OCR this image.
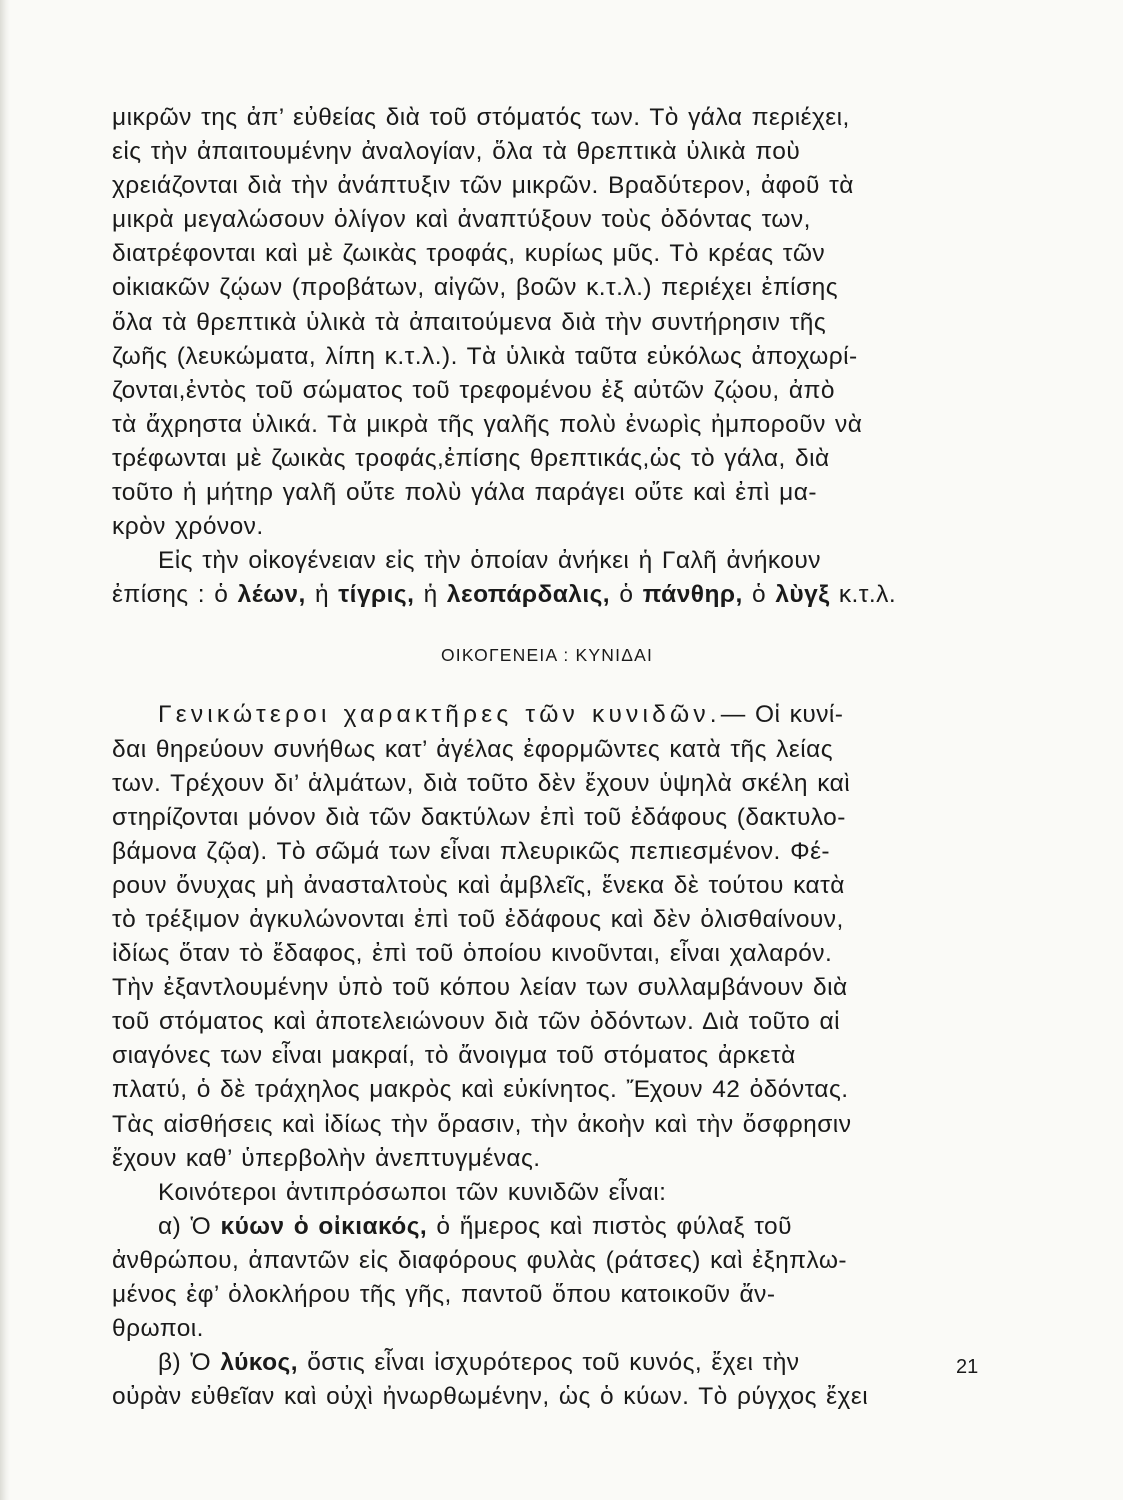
μικρῶν της ἀπ’ εὐθείας διὰ τοῦ στόματός των. Τὸ γάλα περιέχει,
εἰς τὴν ἀπαιτουμένην ἀναλογίαν, ὅλα τὰ θρεπτικὰ ὑλικὰ ποὺ
χρειάζονται διὰ τὴν ἀνάπτυξιν τῶν μικρῶν. Βραδύτερον, ἀφοῦ τὰ
μικρὰ μεγαλώσουν ὀλίγον καὶ ἀναπτύξουν τοὺς ὀδόντας των,
διατρέφονται καὶ μὲ ζωικὰς τροφάς, κυρίως μῦς. Τὸ κρέας τῶν
οἰκιακῶν ζῴων (προβάτων, αἰγῶν, βοῶν κ.τ.λ.) περιέχει ἐπίσης
ὅλα τὰ θρεπτικὰ ὑλικὰ τὰ ἀπαιτούμενα διὰ τὴν συντήρησιν τῆς
ζωῆς (λευκώματα, λίπη κ.τ.λ.). Τὰ ὑλικὰ ταῦτα εὐκόλως ἀποχωρί-
ζονται,ἐντὸς τοῦ σώματος τοῦ τρεφομένου ἐξ αὐτῶν ζῴου, ἀπὸ
τὰ ἄχρηστα ὑλικά. Τὰ μικρὰ τῆς γαλῆς πολὺ ἐνωρὶς ἠμποροῦν νὰ
τρέφωνται μὲ ζωικὰς τροφάς,ἐπίσης θρεπτικάς,ὡς τὸ γάλα, διὰ
τοῦτο ἡ μήτηρ γαλῆ οὔτε πολὺ γάλα παράγει οὔτε καὶ ἐπὶ μα-
κρὸν χρόνον.
Εἰς τὴν οἰκογένειαν εἰς τὴν ὁποίαν ἀνήκει ἡ Γαλῆ ἀνήκουν
ἐπίσης : ὁ λέων, ἡ τίγρις, ἡ λεοπάρδαλις, ὁ πάνθηρ, ὁ λὺγξ κ.τ.λ.
ΟΙΚΟΓΕΝΕΙΑ : ΚΥΝΙΔΑΙ
Γενικώτεροι χαρακτῆρες τῶν κυνιδῶν.— Οἱ κυνί-
δαι θηρεύουν συνήθως κατ’ ἀγέλας ἐφορμῶντες κατὰ τῆς λείας
των. Τρέχουν δι’ ἁλμάτων, διὰ τοῦτο δὲν ἔχουν ὑψηλὰ σκέλη καὶ
στηρίζονται μόνον διὰ τῶν δακτύλων ἐπὶ τοῦ ἐδάφους (δακτυλο-
βάμονα ζῷα). Τὸ σῶμά των εἶναι πλευρικῶς πεπιεσμένον. Φέ-
ρουν ὄνυχας μὴ ἀνασταλτοὺς καὶ ἀμβλεῖς, ἕνεκα δὲ τούτου κατὰ
τὸ τρέξιμον ἀγκυλώνονται ἐπὶ τοῦ ἐδάφους καὶ δὲν ὀλισθαίνουν,
ἰδίως ὅταν τὸ ἔδαφος, ἐπὶ τοῦ ὁποίου κινοῦνται, εἶναι χαλαρόν.
Τὴν ἐξαντλουμένην ὑπὸ τοῦ κόπου λείαν των συλλαμβάνουν διὰ
τοῦ στόματος καὶ ἀποτελειώνουν διὰ τῶν ὀδόντων. Διὰ τοῦτο αἱ
σιαγόνες των εἶναι μακραί, τὸ ἄνοιγμα τοῦ στόματος ἀρκετὰ
πλατύ, ὁ δὲ τράχηλος μακρὸς καὶ εὐκίνητος. Ἔχουν 42 ὀδόντας.
Τὰς αἰσθήσεις καὶ ἰδίως τὴν ὅρασιν, τὴν ἀκοὴν καὶ τὴν ὄσφρησιν
ἔχουν καθ’ ὑπερβολὴν ἀνεπτυγμένας.
Κοινότεροι ἀντιπρόσωποι τῶν κυνιδῶν εἶναι:
α) Ὁ κύων ὁ οἰκιακός, ὁ ἥμερος καὶ πιστὸς φύλαξ τοῦ
ἀνθρώπου, ἀπαντῶν εἰς διαφόρους φυλὰς (ράτσες) καὶ ἐξηπλω-
μένος ἐφ’ ὁλοκλήρου τῆς γῆς, παντοῦ ὅπου κατοικοῦν ἄν-
θρωποι.
β) Ὁ λύκος, ὅστις εἶναι ἰσχυρότερος τοῦ κυνός, ἔχει τὴν
οὐρὰν εὐθεῖαν καὶ οὐχὶ ἠνωρθωμένην, ὡς ὁ κύων. Τὸ ρύγχος ἔχει
21
